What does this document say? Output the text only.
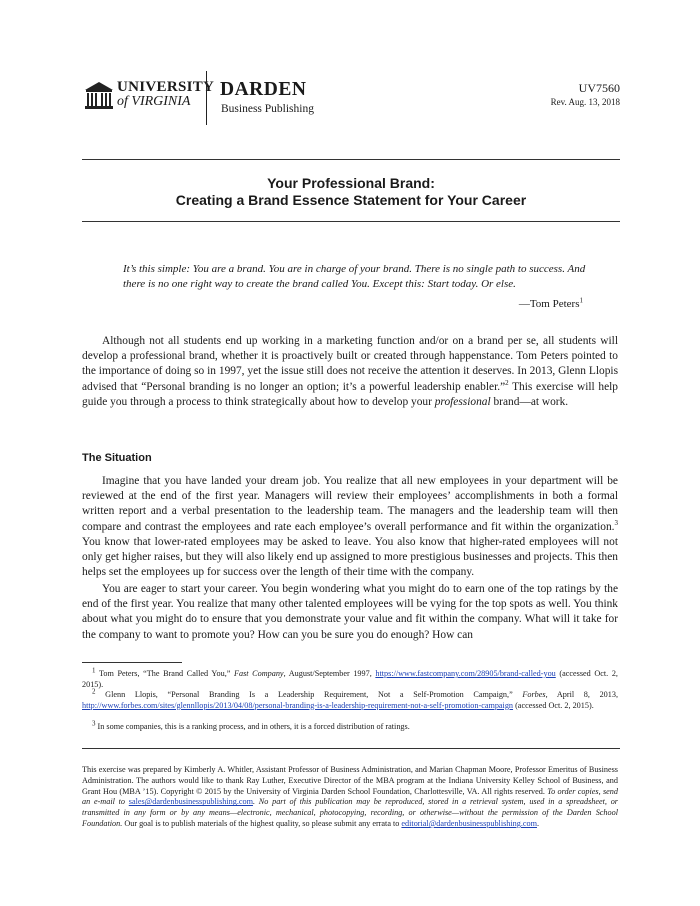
UNIVERSITY
of VIRGINIA
DARDEN
Business Publishing
UV7560
Rev. Aug. 13, 2018
Your Professional Brand:
Creating a Brand Essence Statement for Your Career
It’s this simple: You are a brand. You are in charge of your brand. There is no single path to success. And there is no one right way to create the brand called You. Except this: Start today. Or else.
—Tom Peters$^1$
Although not all students end up working in a marketing function and/or on a brand per se, all students will develop a professional brand, whether it is proactively built or created through happenstance. Tom Peters pointed to the importance of doing so in 1997, yet the issue still does not receive the attention it deserves. In 2013, Glenn Llopis advised that “Personal branding is no longer an option; it’s a powerful leadership enabler.”$^2$ This exercise will help guide you through a process to think strategically about how to develop your professional brand—at work.
The Situation
Imagine that you have landed your dream job. You realize that all new employees in your department will be reviewed at the end of the first year. Managers will review their employees’ accomplishments in both a formal written report and a verbal presentation to the leadership team. The managers and the leadership team will then compare and contrast the employees and rate each employee’s overall performance and fit within the organization.$^3$ You know that lower-rated employees may be asked to leave. You also know that higher-rated employees will not only get higher raises, but they will also likely end up assigned to more prestigious businesses and projects. This then helps set the employees up for success over the length of their time with the company.
You are eager to start your career. You begin wondering what you might do to earn one of the top ratings by the end of the first year. You realize that many other talented employees will be vying for the top spots as well. You think about what you might do to ensure that you demonstrate your value and fit within the company. What will it take for the company to want to promote you? How can you be sure you do enough? How can
$^1$ Tom Peters, “The Brand Called You,” Fast Company, August/September 1997, https://www.fastcompany.com/28905/brand-called-you (accessed Oct. 2, 2015).
$^2$ Glenn Llopis, “Personal Branding Is a Leadership Requirement, Not a Self-Promotion Campaign,” Forbes, April 8, 2013, http://www.forbes.com/sites/glennllopis/2013/04/08/personal-branding-is-a-leadership-requirement-not-a-self-promotion-campaign (accessed Oct. 2, 2015).
$^3$ In some companies, this is a ranking process, and in others, it is a forced distribution of ratings.
This exercise was prepared by Kimberly A. Whitler, Assistant Professor of Business Administration, and Marian Chapman Moore, Professor Emeritus of Business Administration. The authors would like to thank Ray Luther, Executive Director of the MBA program at the Indiana University Kelley School of Business, and Grant Hou (MBA ’15). Copyright © 2015 by the University of Virginia Darden School Foundation, Charlottesville, VA. All rights reserved. To order copies, send an e-mail to sales@dardenbusinesspublishing.com. No part of this publication may be reproduced, stored in a retrieval system, used in a spreadsheet, or transmitted in any form or by any means—electronic, mechanical, photocopying, recording, or otherwise—without the permission of the Darden School Foundation. Our goal is to publish materials of the highest quality, so please submit any errata to editorial@dardenbusinesspublishing.com.
